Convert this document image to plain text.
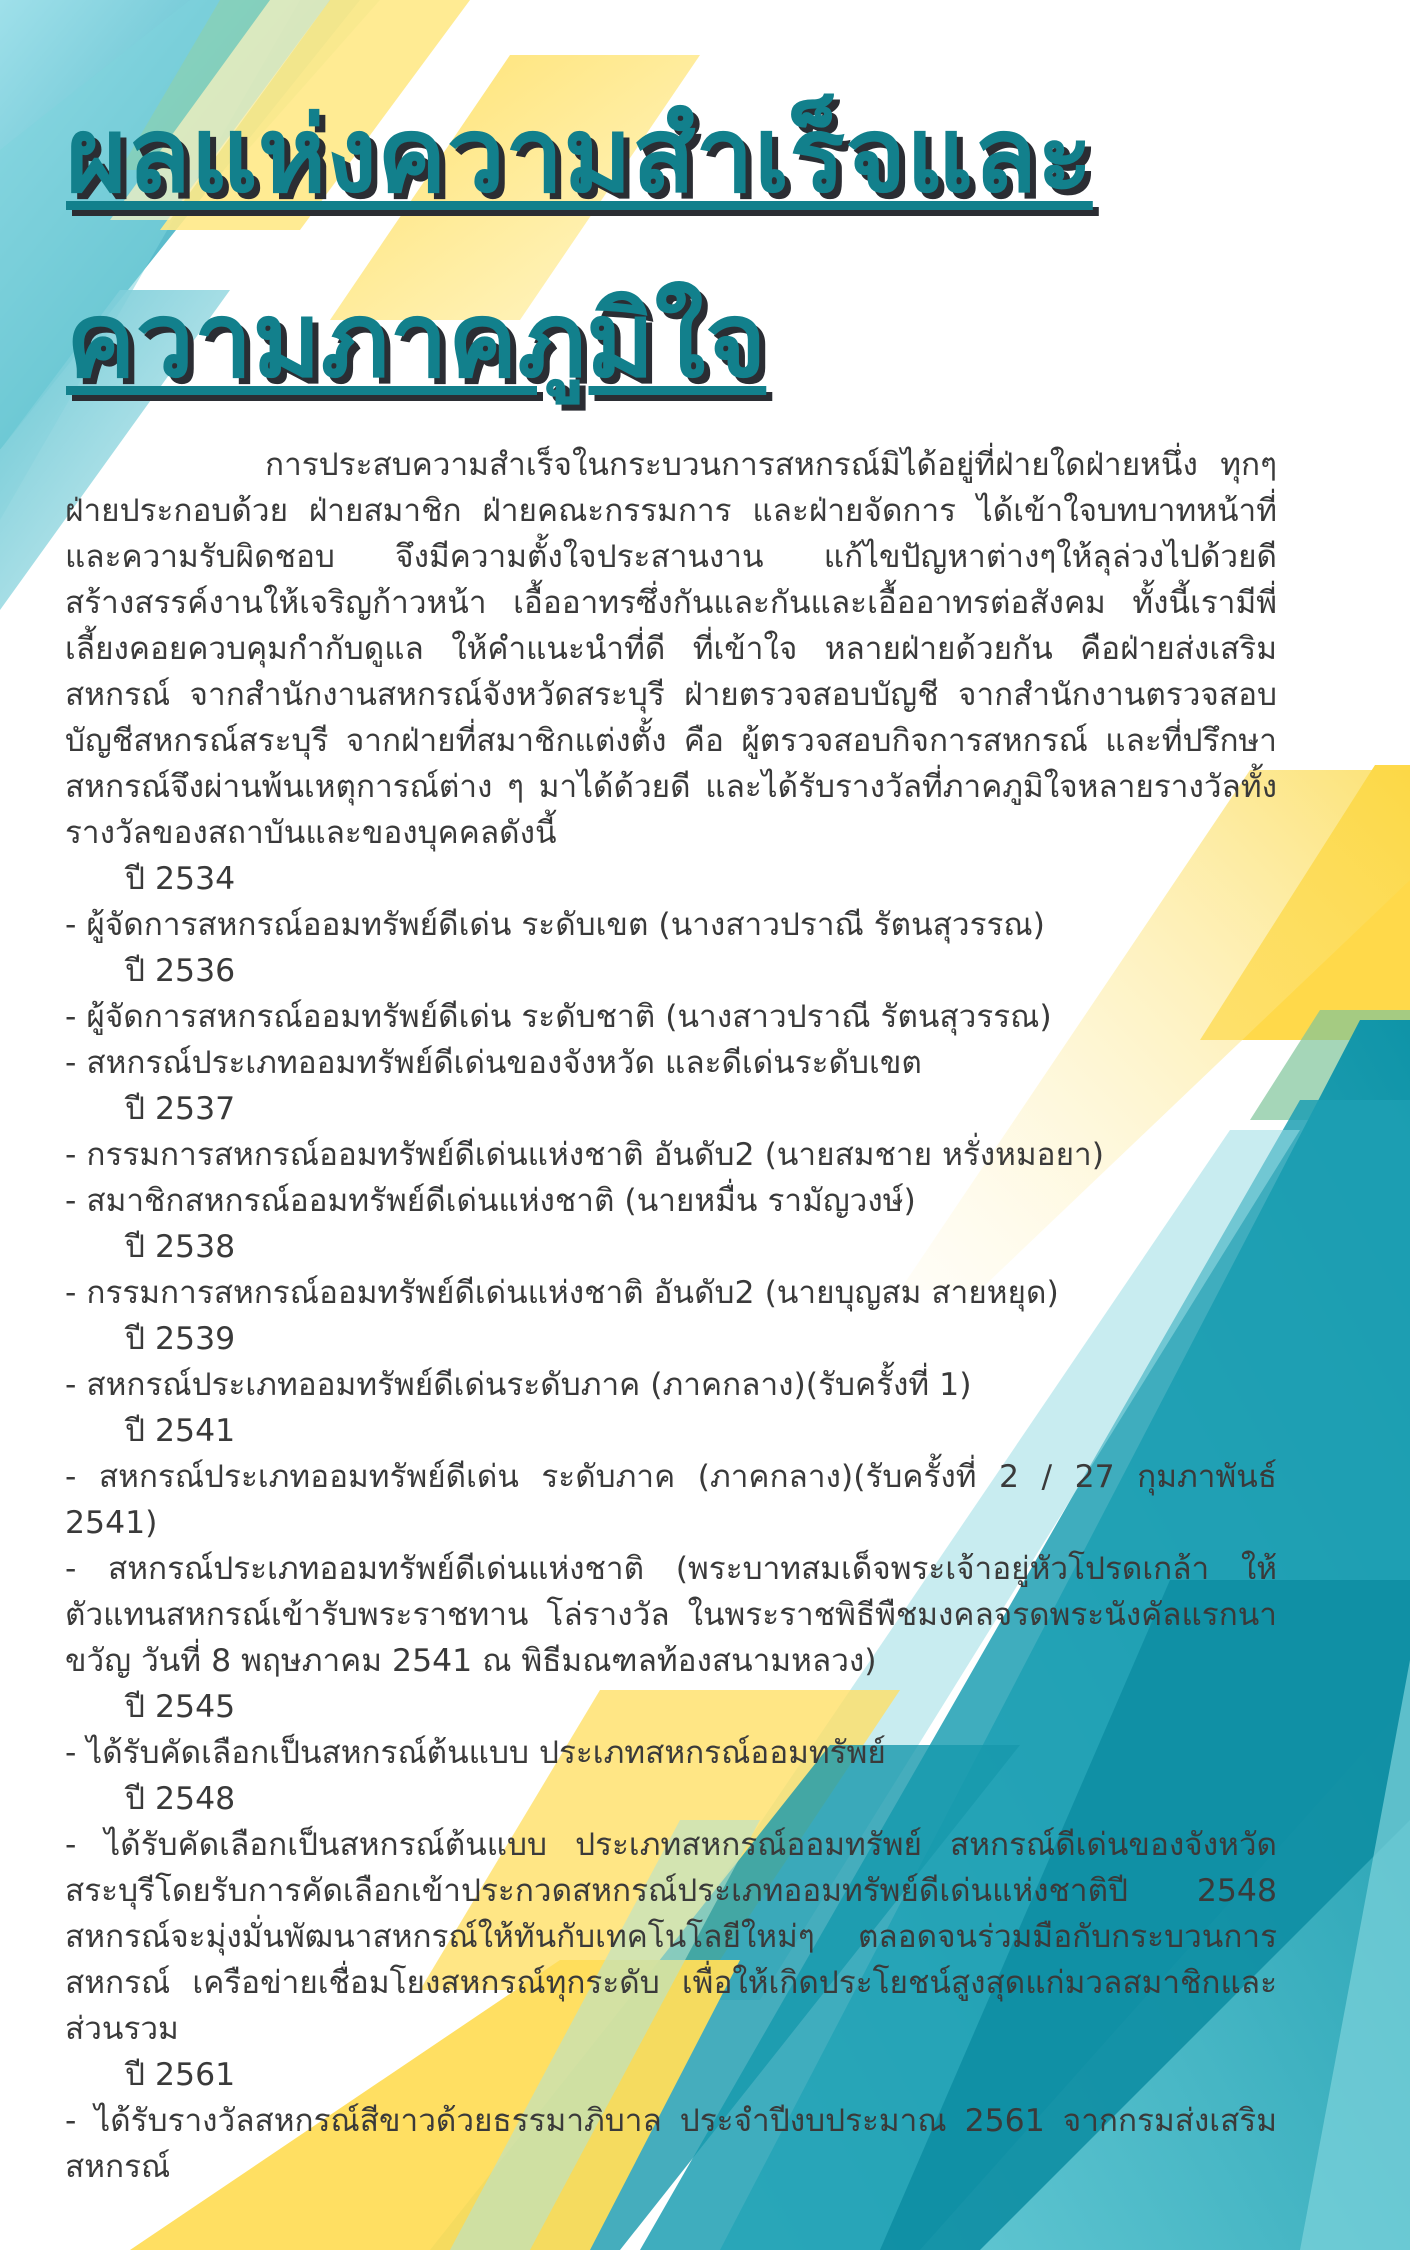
ผลแห่งความสำเร็จและ
ความภาคภูมิใจ

การประสบความสำเร็จในกระบวนการสหกรณ์มิได้อยู่ที่ฝ่ายใดฝ่ายหนึ่ง ทุกๆฝ่ายประกอบด้วย ฝ่ายสมาชิก ฝ่ายคณะกรรมการ และฝ่ายจัดการ ได้เข้าใจบทบาทหน้าที่และความรับผิดชอบ จึงมีความตั้งใจประสานงาน แก้ไขปัญหาต่างๆให้ลุล่วงไปด้วยดี สร้างสรรค์งานให้เจริญก้าวหน้า เอื้ออาทรซึ่งกันและกันและเอื้ออาทรต่อสังคม ทั้งนี้เรามีพี่เลี้ยงคอยควบคุมกำกับดูแล ให้คำแนะนำที่ดี ที่เข้าใจ หลายฝ่ายด้วยกัน คือฝ่ายส่งเสริมสหกรณ์ จากสำนักงานสหกรณ์จังหวัดสระบุรี ฝ่ายตรวจสอบบัญชี จากสำนักงานตรวจสอบบัญชีสหกรณ์สระบุรี จากฝ่ายที่สมาชิกแต่งตั้ง คือ ผู้ตรวจสอบกิจการสหกรณ์ และที่ปรึกษา สหกรณ์จึงผ่านพ้นเหตุการณ์ต่าง ๆ มาได้ด้วยดี และได้รับรางวัลที่ภาคภูมิใจหลายรางวัลทั้งรางวัลของสถาบันและของบุคคลดังนี้

ปี 2534

- ผู้จัดการสหกรณ์ออมทรัพย์ดีเด่น ระดับเขต (นางสาวปราณี รัตนสุวรรณ)

ปี 2536

- ผู้จัดการสหกรณ์ออมทรัพย์ดีเด่น ระดับชาติ (นางสาวปราณี รัตนสุวรรณ)

- สหกรณ์ประเภทออมทรัพย์ดีเด่นของจังหวัด และดีเด่นระดับเขต

ปี 2537

- กรรมการสหกรณ์ออมทรัพย์ดีเด่นแห่งชาติ อันดับ2 (นายสมชาย หรั่งหมอยา)

- สมาชิกสหกรณ์ออมทรัพย์ดีเด่นแห่งชาติ (นายหมื่น รามัญวงษ์)

ปี 2538

- กรรมการสหกรณ์ออมทรัพย์ดีเด่นแห่งชาติ อันดับ2 (นายบุญสม สายหยุด)

ปี 2539

- สหกรณ์ประเภทออมทรัพย์ดีเด่นระดับภาค (ภาคกลาง)(รับครั้งที่ 1)

ปี 2541

- สหกรณ์ประเภทออมทรัพย์ดีเด่น ระดับภาค (ภาคกลาง)(รับครั้งที่ 2 / 27 กุมภาพันธ์ 2541)

- สหกรณ์ประเภทออมทรัพย์ดีเด่นแห่งชาติ (พระบาทสมเด็จพระเจ้าอยู่หัวโปรดเกล้า ให้ตัวแทนสหกรณ์เข้ารับพระราชทาน โล่รางวัล ในพระราชพิธีพืชมงคลจรดพระนังคัลแรกนาขวัญ วันที่ 8 พฤษภาคม 2541 ณ พิธีมณฑลท้องสนามหลวง)

ปี 2545

- ได้รับคัดเลือกเป็นสหกรณ์ต้นแบบ ประเภทสหกรณ์ออมทรัพย์

ปี 2548

- ได้รับคัดเลือกเป็นสหกรณ์ต้นแบบ ประเภทสหกรณ์ออมทรัพย์ สหกรณ์ดีเด่นของจังหวัดสระบุรีโดยรับการคัดเลือกเข้าประกวดสหกรณ์ประเภทออมทรัพย์ดีเด่นแห่งชาติปี 2548 สหกรณ์จะมุ่งมั่นพัฒนาสหกรณ์ให้ทันกับเทคโนโลยีใหม่ๆ ตลอดจนร่วมมือกับกระบวนการสหกรณ์ เครือข่ายเชื่อมโยงสหกรณ์ทุกระดับ เพื่อให้เกิดประโยชน์สูงสุดแก่มวลสมาชิกและส่วนรวม

ปี 2561

- ได้รับรางวัลสหกรณ์สีขาวด้วยธรรมาภิบาล ประจำปีงบประมาณ 2561 จากกรมส่งเสริมสหกรณ์
